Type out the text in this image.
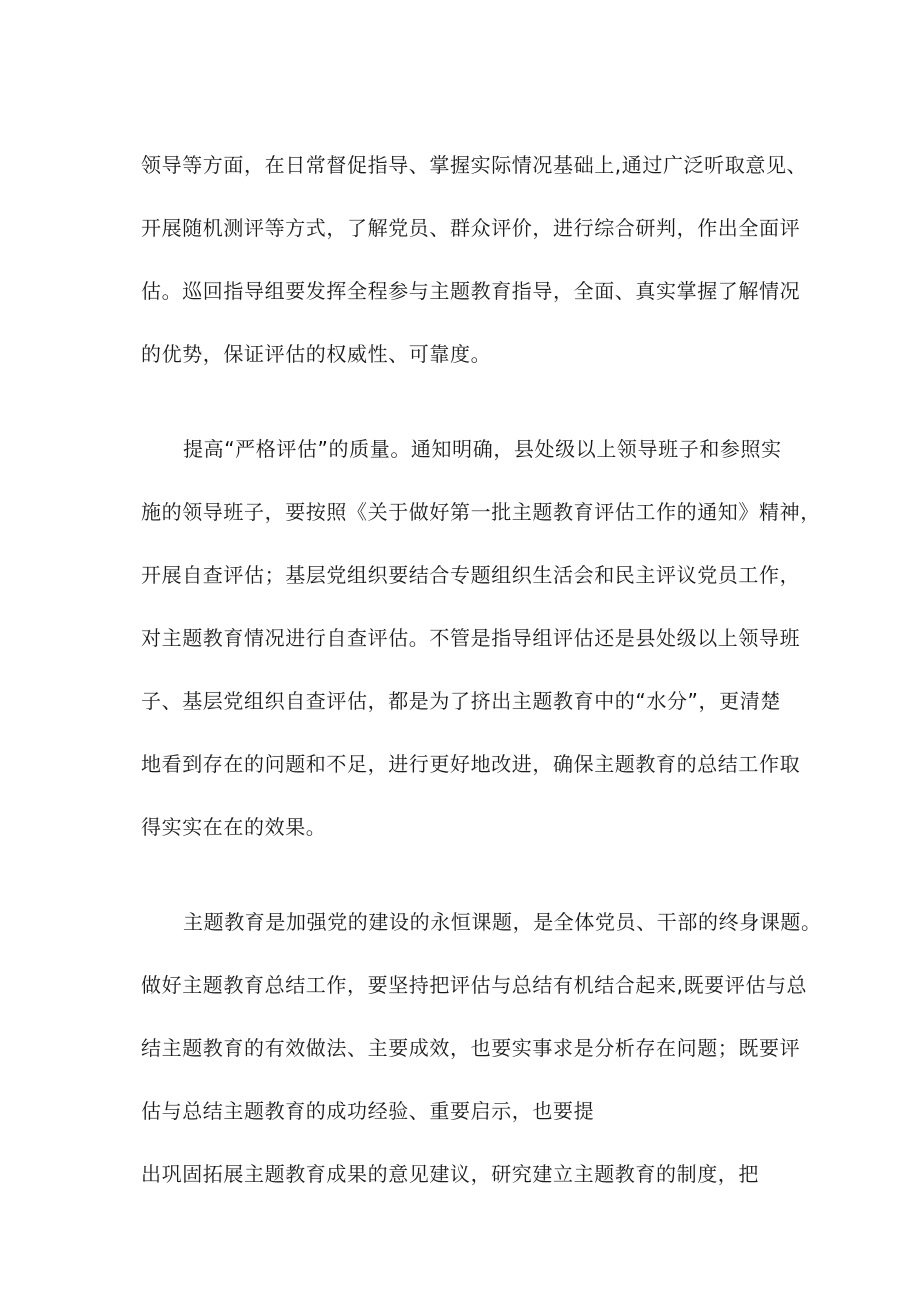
领导等方面，在日常督促指导、掌握实际情况基础上,通过广泛听取意见、
开展随机测评等方式，了解党员、群众评价，进行综合研判，作出全面评
估。巡回指导组要发挥全程参与主题教育指导，全面、真实掌握了解情况
的优势，保证评估的权威性、可靠度。
提高“严格评估”的质量。通知明确，县处级以上领导班子和参照实
施的领导班子，要按照《关于做好第一批主题教育评估工作的通知》精神，
开展自查评估；基层党组织要结合专题组织生活会和民主评议党员工作，
对主题教育情况进行自查评估。不管是指导组评估还是县处级以上领导班
子、基层党组织自查评估，都是为了挤出主题教育中的“水分”，更清楚
地看到存在的问题和不足，进行更好地改进，确保主题教育的总结工作取
得实实在在的效果。
主题教育是加强党的建设的永恒课题，是全体党员、干部的终身课题。
做好主题教育总结工作，要坚持把评估与总结有机结合起来,既要评估与总
结主题教育的有效做法、主要成效，也要实事求是分析存在问题；既要评
估与总结主题教育的成功经验、重要启示，也要提
出巩固拓展主题教育成果的意见建议，研究建立主题教育的制度，把
